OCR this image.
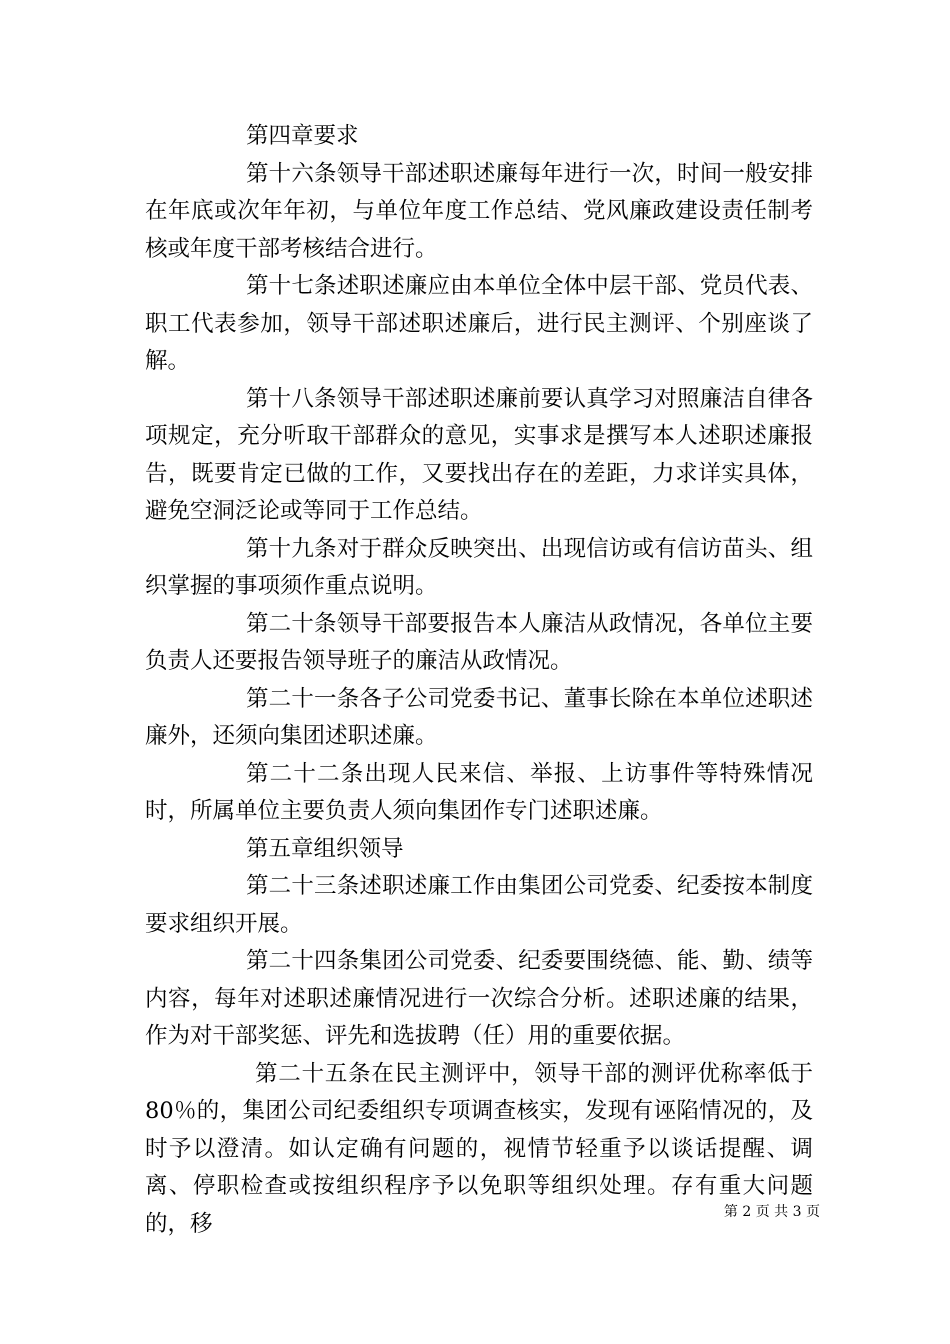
第四章要求

第十六条领导干部述职述廉每年进行一次，时间一般安排在年底或次年年初，与单位年度工作总结、党风廉政建设责任制考核或年度干部考核结合进行。

第十七条述职述廉应由本单位全体中层干部、党员代表、职工代表参加，领导干部述职述廉后，进行民主测评、个别座谈了解。

第十八条领导干部述职述廉前要认真学习对照廉洁自律各项规定，充分听取干部群众的意见，实事求是撰写本人述职述廉报告，既要肯定已做的工作，又要找出存在的差距，力求详实具体，避免空洞泛论或等同于工作总结。

第十九条对于群众反映突出、出现信访或有信访苗头、组织掌握的事项须作重点说明。

第二十条领导干部要报告本人廉洁从政情况，各单位主要负责人还要报告领导班子的廉洁从政情况。

第二十一条各子公司党委书记、董事长除在本单位述职述廉外，还须向集团述职述廉。

第二十二条出现人民来信、举报、上访事件等特殊情况时，所属单位主要负责人须向集团作专门述职述廉。

第五章组织领导

第二十三条述职述廉工作由集团公司党委、纪委按本制度要求组织开展。

第二十四条集团公司党委、纪委要围绕德、能、勤、绩等内容，每年对述职述廉情况进行一次综合分析。述职述廉的结果，作为对干部奖惩、评先和选拔聘（任）用的重要依据。

第二十五条在民主测评中，领导干部的测评优称率低于80％的，集团公司纪委组织专项调查核实，发现有诬陷情况的，及时予以澄清。如认定确有问题的，视情节轻重予以谈话提醒、调离、停职检查或按组织程序予以免职等组织处理。存有重大问题的，移	第 2 页 共 3 页
